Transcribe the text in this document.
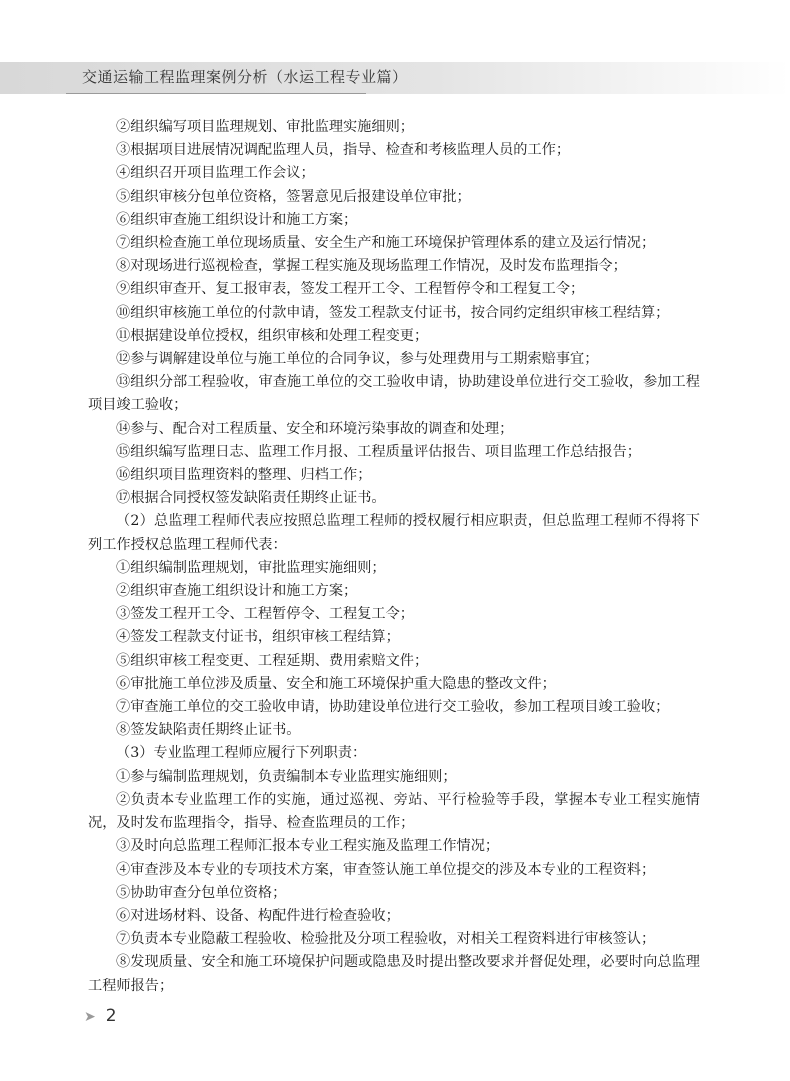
交通运输工程监理案例分析（水运工程专业篇）

②组织编写项目监理规划、审批监理实施细则；

③根据项目进展情况调配监理人员，指导、检查和考核监理人员的工作；

④组织召开项目监理工作会议；

⑤组织审核分包单位资格，签署意见后报建设单位审批；

⑥组织审查施工组织设计和施工方案；

⑦组织检查施工单位现场质量、安全生产和施工环境保护管理体系的建立及运行情况；

⑧对现场进行巡视检查，掌握工程实施及现场监理工作情况，及时发布监理指令；

⑨组织审查开、复工报审表，签发工程开工令、工程暂停令和工程复工令；

⑩组织审核施工单位的付款申请，签发工程款支付证书，按合同约定组织审核工程结算；

⑪根据建设单位授权，组织审核和处理工程变更；

⑫参与调解建设单位与施工单位的合同争议，参与处理费用与工期索赔事宜；

⑬组织分部工程验收，审查施工单位的交工验收申请，协助建设单位进行交工验收，参加工程项目竣工验收；

⑭参与、配合对工程质量、安全和环境污染事故的调查和处理；

⑮组织编写监理日志、监理工作月报、工程质量评估报告、项目监理工作总结报告；

⑯组织项目监理资料的整理、归档工作；

⑰根据合同授权签发缺陷责任期终止证书。

（2）总监理工程师代表应按照总监理工程师的授权履行相应职责，但总监理工程师不得将下列工作授权总监理工程师代表：

①组织编制监理规划，审批监理实施细则；

②组织审查施工组织设计和施工方案；

③签发工程开工令、工程暂停令、工程复工令；

④签发工程款支付证书，组织审核工程结算；

⑤组织审核工程变更、工程延期、费用索赔文件；

⑥审批施工单位涉及质量、安全和施工环境保护重大隐患的整改文件；

⑦审查施工单位的交工验收申请，协助建设单位进行交工验收，参加工程项目竣工验收；

⑧签发缺陷责任期终止证书。

（3）专业监理工程师应履行下列职责：

①参与编制监理规划，负责编制本专业监理实施细则；

②负责本专业监理工作的实施，通过巡视、旁站、平行检验等手段，掌握本专业工程实施情况，及时发布监理指令，指导、检查监理员的工作；

③及时向总监理工程师汇报本专业工程实施及监理工作情况；

④审查涉及本专业的专项技术方案，审查签认施工单位提交的涉及本专业的工程资料；

⑤协助审查分包单位资格；

⑥对进场材料、设备、构配件进行检查验收；

⑦负责本专业隐蔽工程验收、检验批及分项工程验收，对相关工程资料进行审核签认；

⑧发现质量、安全和施工环境保护问题或隐患及时提出整改要求并督促处理，必要时向总监理工程师报告；

➤ 2
